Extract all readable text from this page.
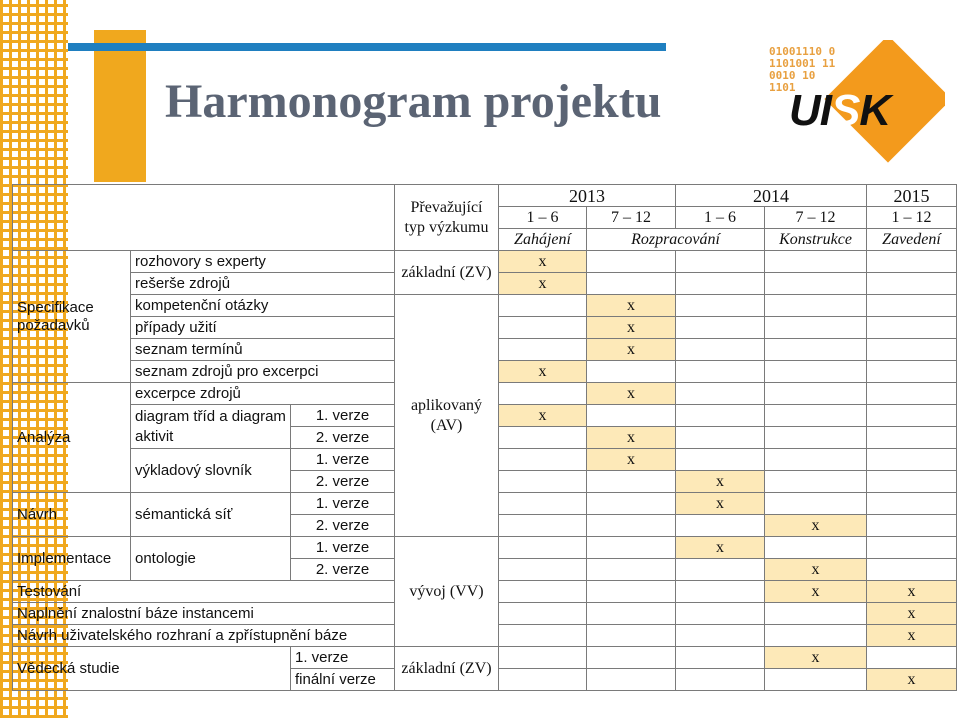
Harmonogram projektu
01001110 0
1101001 11
0010 10
1101
UISK
			Převažující typ výzkumu	2013		2014		2015
				1 – 6	7 – 12	1 – 6	7 – 12	1 – 12
				Zahájení	Rozpracování		Konstrukce	Zavedení
Specifikace požadavků	rozhovory s experty		základní (ZV)	x				
	rešerše zdrojů			x				
	kompetenční otázky		aplikovaný (AV)		x			
	případy užití				x			
	seznam termínů				x			
	seznam zdrojů pro excerpci			x				
Analýza	excerpce zdrojů				x			
	diagram tříd a diagram aktivit	1. verze		x				
		2. verze			x			
	výkladový slovník	1. verze			x			
		2. verze				x		
Návrh	sémantická síť	1. verze				x		
		2. verze					x	
Implementace	ontologie	1. verze	vývoj (VV)			x		
		2. verze					x	
Testování							x	x
Naplnění znalostní báze instancemi								x
Návrh uživatelského rozhraní a zpřístupnění báze								x
Vědecká studie		1. verze	základní (ZV)				x	
		finální verze						x
